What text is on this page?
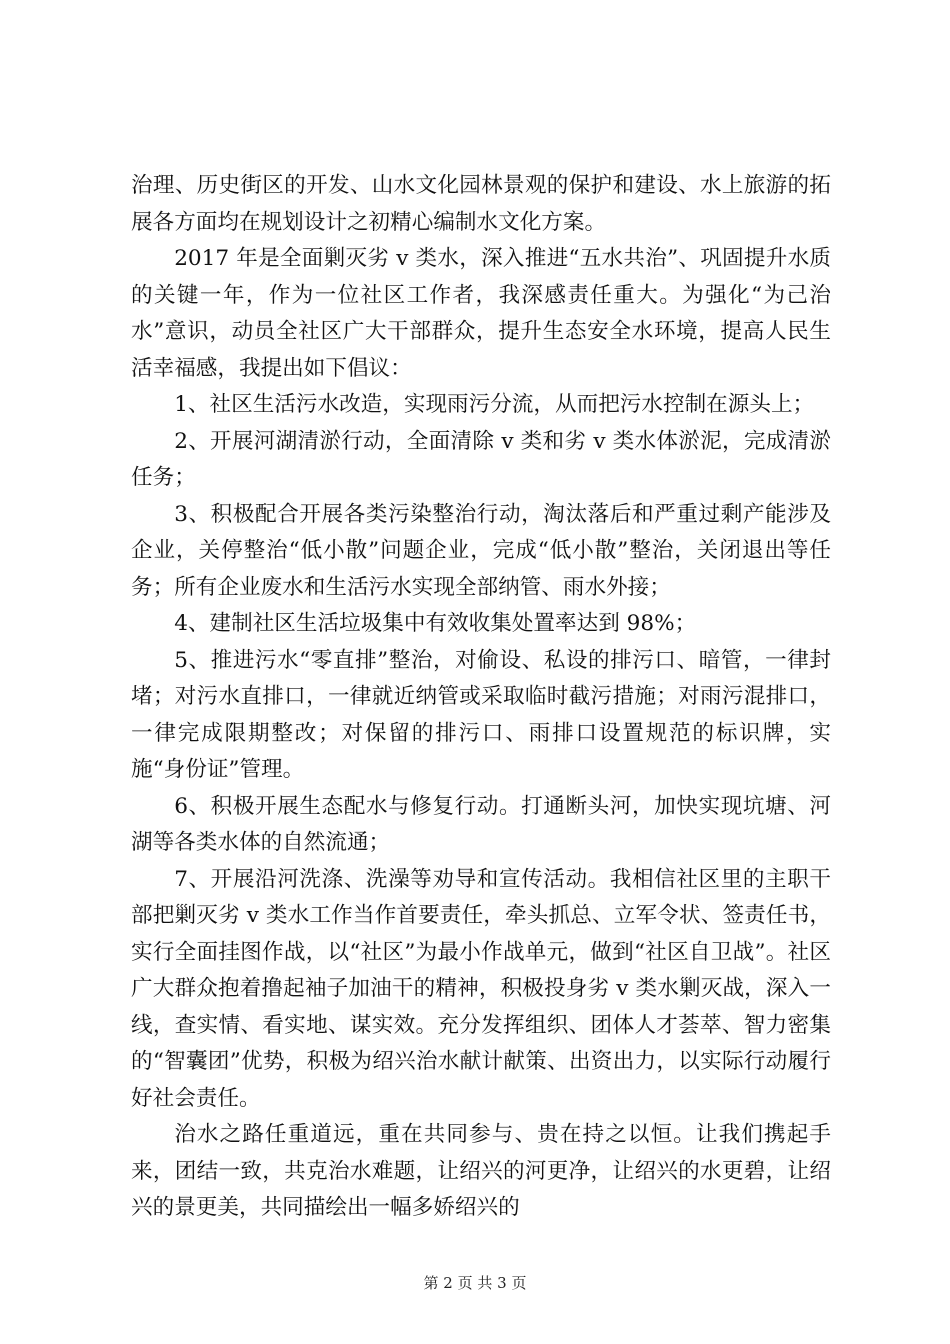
治理、历史街区的开发、山水文化园林景观的保护和建设、水上旅游的拓展各方面均在规划设计之初精心编制水文化方案。

2017 年是全面剿灭劣 v 类水，深入推进“五水共治”、巩固提升水质的关键一年，作为一位社区工作者，我深感责任重大。为强化“为己治水”意识，动员全社区广大干部群众，提升生态安全水环境，提高人民生活幸福感，我提出如下倡议：

1、社区生活污水改造，实现雨污分流，从而把污水控制在源头上；

2、开展河湖清淤行动，全面清除 v 类和劣 v 类水体淤泥，完成清淤任务；

3、积极配合开展各类污染整治行动，淘汰落后和严重过剩产能涉及企业，关停整治“低小散”问题企业，完成“低小散”整治，关闭退出等任务；所有企业废水和生活污水实现全部纳管、雨水外接；

4、建制社区生活垃圾集中有效收集处置率达到 98%；

5、推进污水“零直排”整治，对偷设、私设的排污口、暗管，一律封堵；对污水直排口，一律就近纳管或采取临时截污措施；对雨污混排口，一律完成限期整改；对保留的排污口、雨排口设置规范的标识牌，实施“身份证”管理。

6、积极开展生态配水与修复行动。打通断头河，加快实现坑塘、河湖等各类水体的自然流通；

7、开展沿河洗涤、洗澡等劝导和宣传活动。我相信社区里的主职干部把剿灭劣 v 类水工作当作首要责任，牵头抓总、立军令状、签责任书，实行全面挂图作战，以“社区”为最小作战单元，做到“社区自卫战”。社区广大群众抱着撸起袖子加油干的精神，积极投身劣 v 类水剿灭战，深入一线，查实情、看实地、谋实效。充分发挥组织、团体人才荟萃、智力密集的“智囊团”优势，积极为绍兴治水献计献策、出资出力，以实际行动履行好社会责任。

治水之路任重道远，重在共同参与、贵在持之以恒。让我们携起手来，团结一致，共克治水难题，让绍兴的河更净，让绍兴的水更碧，让绍兴的景更美，共同描绘出一幅多娇绍兴的

第 2 页 共 3 页
